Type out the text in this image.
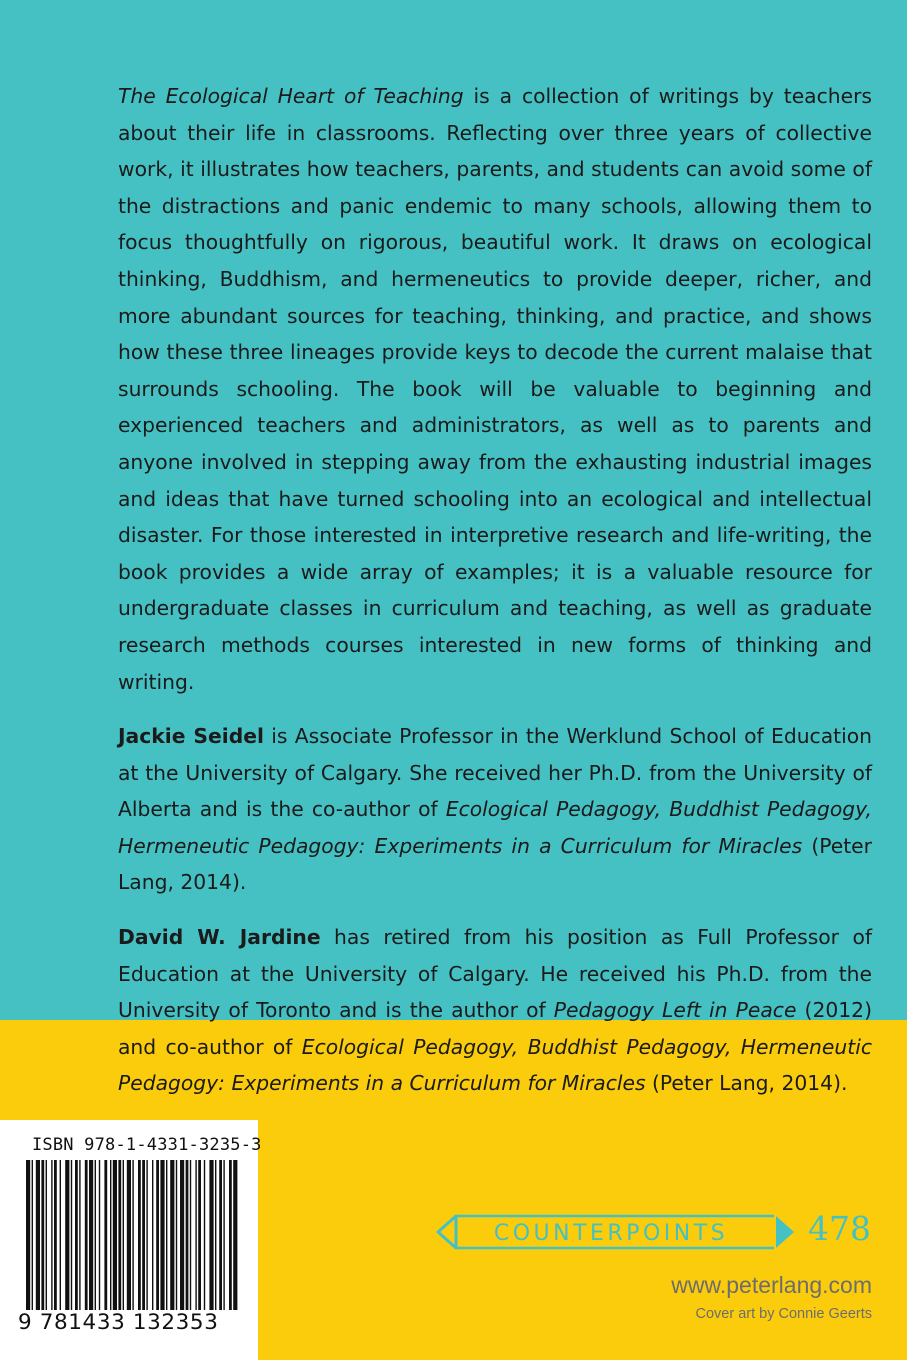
The Ecological Heart of Teaching is a collection of writings by teachers about their life in classrooms. Reflecting over three years of collective work, it illustrates how teachers, parents, and students can avoid some of the distractions and panic endemic to many schools, allowing them to focus thoughtfully on rigorous, beautiful work. It draws on ecological thinking, Buddhism, and hermeneutics to provide deeper, richer, and more abundant sources for teaching, thinking, and practice, and shows how these three lineages provide keys to decode the current malaise that surrounds schooling. The book will be valuable to beginning and experienced teachers and administrators, as well as to parents and anyone involved in stepping away from the exhausting industrial images and ideas that have turned schooling into an ecological and intellectual disaster. For those interested in interpretive research and life-writing, the book provides a wide array of examples; it is a valuable resource for undergraduate classes in curriculum and teaching, as well as graduate research methods courses interested in new forms of thinking and writing.

Jackie Seidel is Associate Professor in the Werklund School of Education at the University of Calgary. She received her Ph.D. from the University of Alberta and is the co-author of Ecological Pedagogy, Buddhist Pedagogy, Hermeneutic Pedagogy: Experiments in a Curriculum for Miracles (Peter Lang, 2014).

David W. Jardine has retired from his position as Full Professor of Education at the University of Calgary. He received his Ph.D. from the University of Toronto and is the author of Pedagogy Left in Peace (2012) and co-author of Ecological Pedagogy, Buddhist Pedagogy, Hermeneutic Pedagogy: Experiments in a Curriculum for Miracles (Peter Lang, 2014).

ISBN 978-1-4331-3235-3
9 781433 132353
COUNTERPOINTS 478
www.peterlang.com
Cover art by Connie Geerts
